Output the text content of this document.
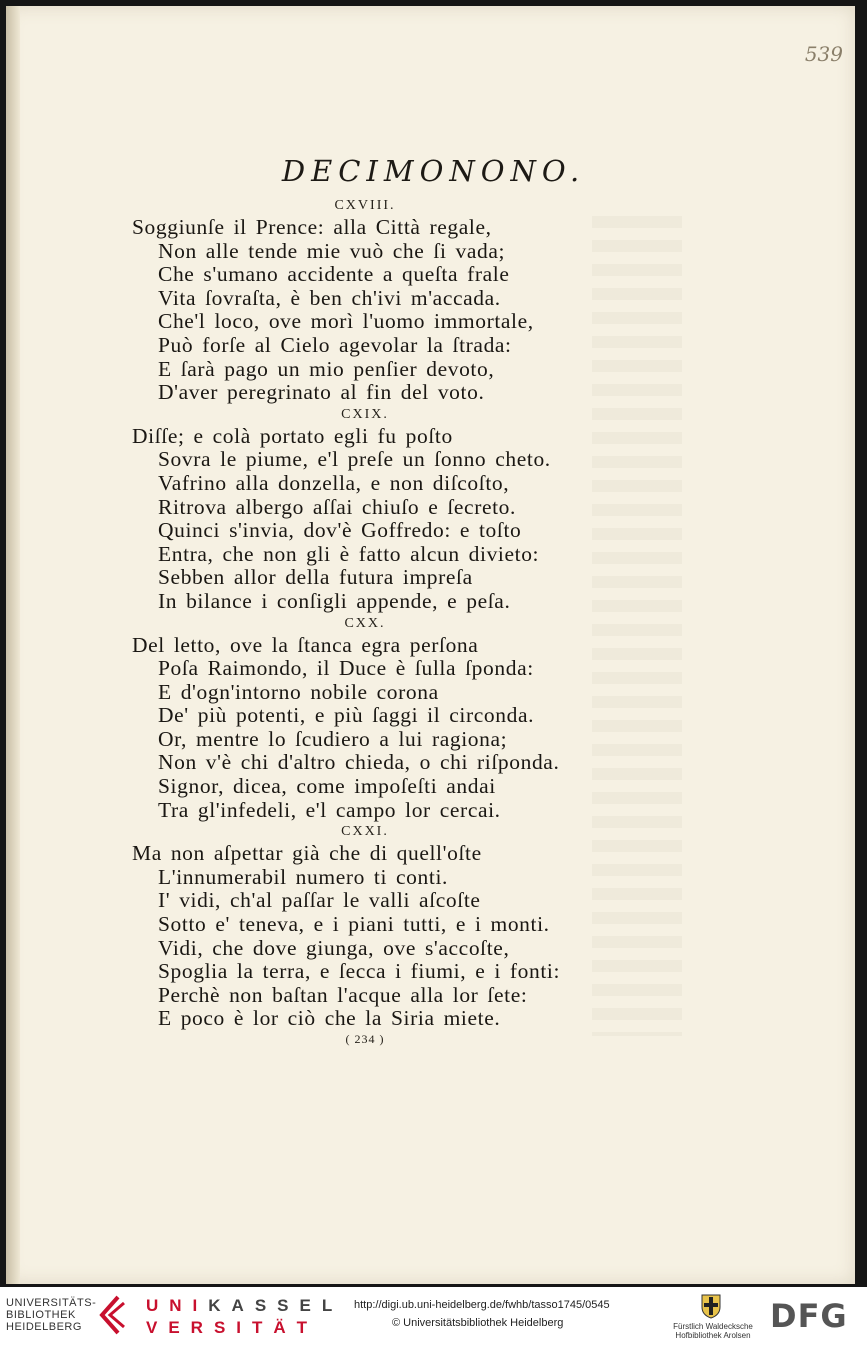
539
DECIMONONO.
CXVIII.
Soggiunſe il Prence: alla Città regale,
Non alle tende mie vuò che ſi vada;
Che s'umano accidente a queſta frale
Vita ſovraſta, è ben ch'ivi m'accada.
Che'l loco, ove morì l'uomo immortale,
Può forſe al Cielo agevolar la ſtrada:
E ſarà pago un mio penſier devoto,
D'aver peregrinato al fin del voto.
CXIX.
Diſſe; e colà portato egli fu poſto
Sovra le piume, e'l preſe un ſonno cheto.
Vafrino alla donzella, e non diſcoſto,
Ritrova albergo aſſai chiuſo e ſecreto.
Quinci s'invia, dov'è Goffredo: e toſto
Entra, che non gli è fatto alcun divieto:
Sebben allor della futura impreſa
In bilance i conſigli appende, e peſa.
CXX.
Del letto, ove la ſtanca egra perſona
Poſa Raimondo, il Duce è ſulla ſponda:
E d'ogn'intorno nobile corona
De' più potenti, e più ſaggi il circonda.
Or, mentre lo ſcudiero a lui ragiona;
Non v'è chi d'altro chieda, o chi riſponda.
Signor, dicea, come impoſeſti andai
Tra gl'infedeli, e'l campo lor cercai.
CXXI.
Ma non aſpettar già che di quell'oſte
L'innumerabil numero ti conti.
I' vidi, ch'al paſſar le valli aſcoſte
Sotto e' teneva, e i piani tutti, e i monti.
Vidi, che dove giunga, ove s'accoſte,
Spoglia la terra, e ſecca i fiumi, e i fonti:
Perchè non baſtan l'acque alla lor ſete:
E poco è lor ciò che la Siria miete.
( 234 )
UNIVERSITÄTS-
BIBLIOTHEK
HEIDELBERG
UNIKASSEL
VERSITÄT
http://digi.ub.uni-heidelberg.de/fwhb/tasso1745/0545
© Universitätsbibliothek Heidelberg	Fürstlich Waldecksche
Hofbibliothek Arolsen
DFG
